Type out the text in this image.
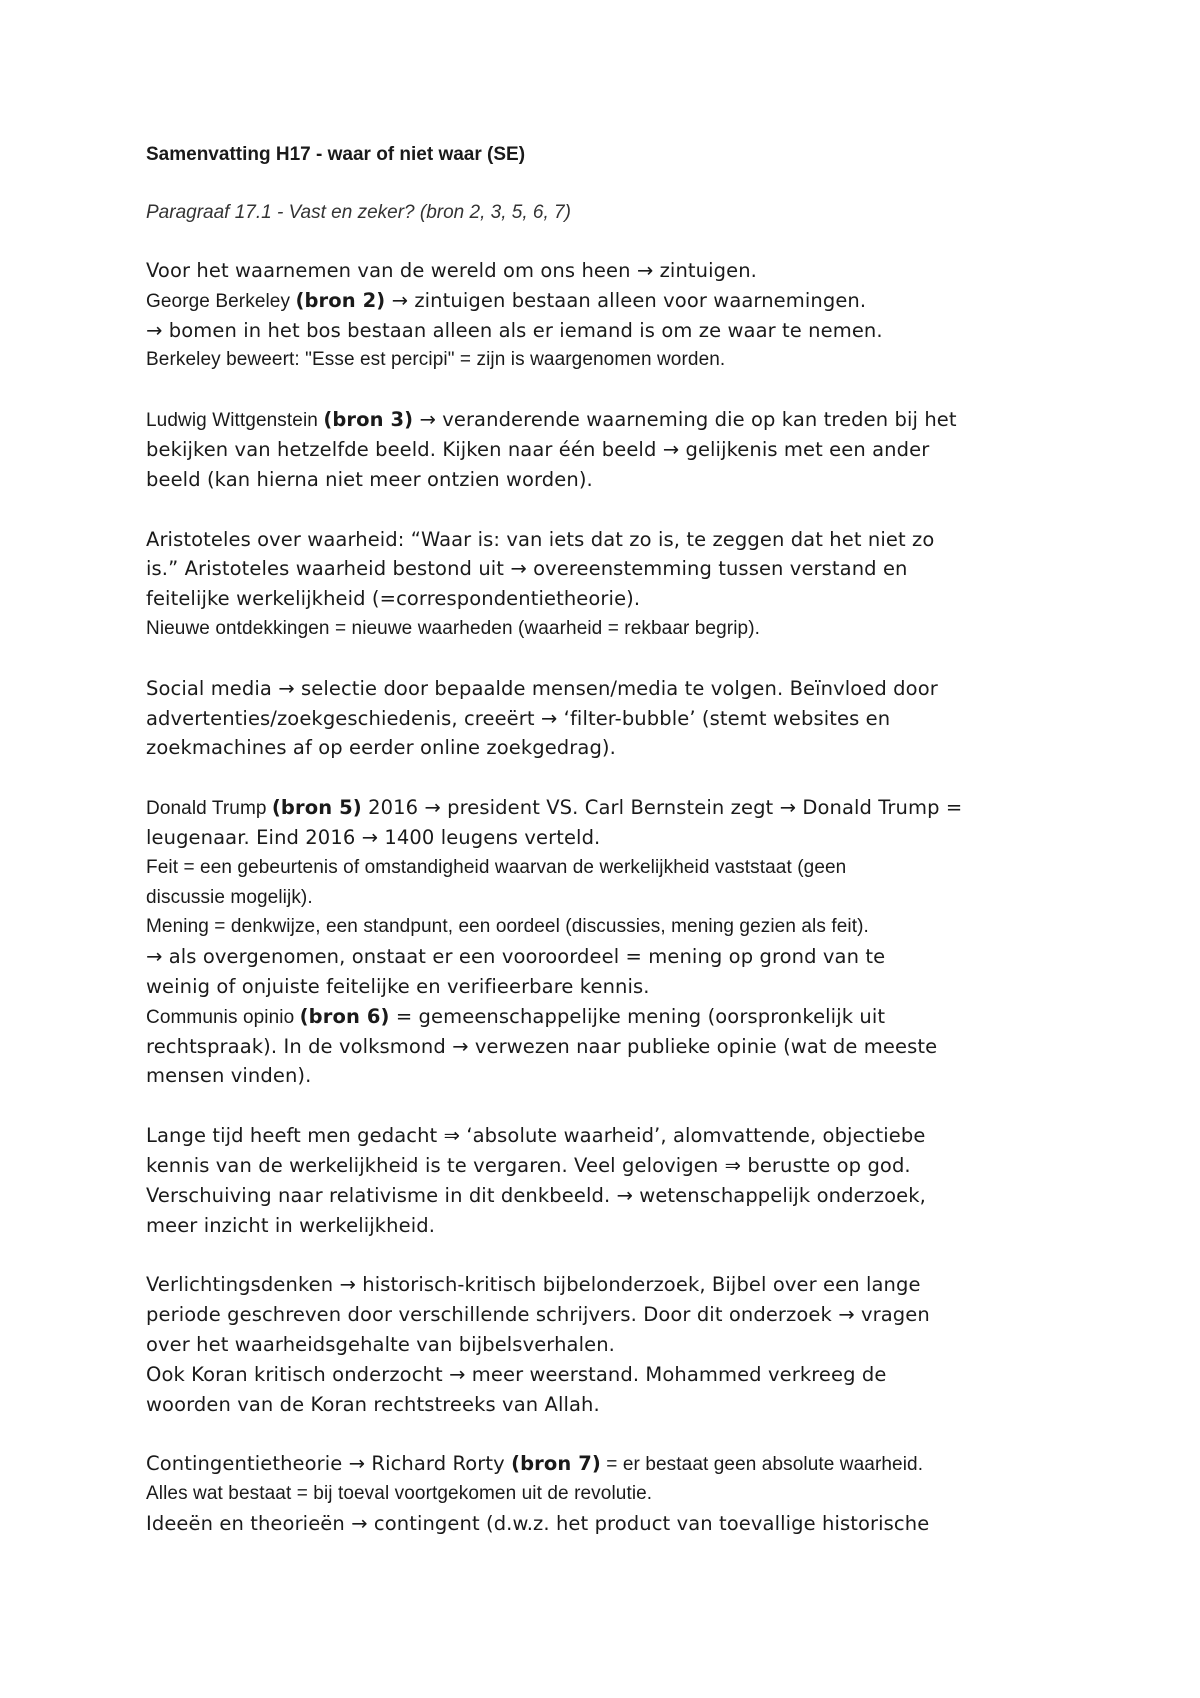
Samenvatting H17 - waar of niet waar (SE)
Paragraaf 17.1 - Vast en zeker? (bron 2, 3, 5, 6, 7)
Voor het waarnemen van de wereld om ons heen → zintuigen.
George Berkeley (bron 2) → zintuigen bestaan alleen voor waarnemingen.
→ bomen in het bos bestaan alleen als er iemand is om ze waar te nemen.
Berkeley beweert: "Esse est percipi" = zijn is waargenomen worden.
Ludwig Wittgenstein (bron 3) → veranderende waarneming die op kan treden bij het
bekijken van hetzelfde beeld. Kijken naar één beeld → gelijkenis met een ander
beeld (kan hierna niet meer ontzien worden).
Aristoteles over waarheid: “Waar is: van iets dat zo is, te zeggen dat het niet zo
is.” Aristoteles waarheid bestond uit → overeenstemming tussen verstand en
feitelijke werkelijkheid (=correspondentietheorie).
Nieuwe ontdekkingen = nieuwe waarheden (waarheid = rekbaar begrip).
Social media → selectie door bepaalde mensen/media te volgen. Beïnvloed door
advertenties/zoekgeschiedenis, creeërt → ‘filter-bubble’ (stemt websites en
zoekmachines af op eerder online zoekgedrag).
Donald Trump (bron 5) 2016 → president VS. Carl Bernstein zegt → Donald Trump =
leugenaar. Eind 2016 → 1400 leugens verteld.
Feit = een gebeurtenis of omstandigheid waarvan de werkelijkheid vaststaat (geen
discussie mogelijk).
Mening = denkwijze, een standpunt, een oordeel (discussies, mening gezien als feit).
→ als overgenomen, onstaat er een vooroordeel = mening op grond van te
weinig of onjuiste feitelijke en verifieerbare kennis.
Communis opinio (bron 6) = gemeenschappelijke mening (oorspronkelijk uit
rechtspraak). In de volksmond → verwezen naar publieke opinie (wat de meeste
mensen vinden).
Lange tijd heeft men gedacht ⇒ ‘absolute waarheid’, alomvattende, objectiebe
kennis van de werkelijkheid is te vergaren. Veel gelovigen ⇒ berustte op god.
Verschuiving naar relativisme in dit denkbeeld. → wetenschappelijk onderzoek,
meer inzicht in werkelijkheid.
Verlichtingsdenken → historisch-kritisch bijbelonderzoek, Bijbel over een lange
periode geschreven door verschillende schrijvers. Door dit onderzoek → vragen
over het waarheidsgehalte van bijbelsverhalen.
Ook Koran kritisch onderzocht → meer weerstand. Mohammed verkreeg de
woorden van de Koran rechtstreeks van Allah.
Contingentietheorie → Richard Rorty (bron 7) = er bestaat geen absolute waarheid.
Alles wat bestaat = bij toeval voortgekomen uit de revolutie.
Ideeën en theorieën → contingent (d.w.z. het product van toevallige historische
